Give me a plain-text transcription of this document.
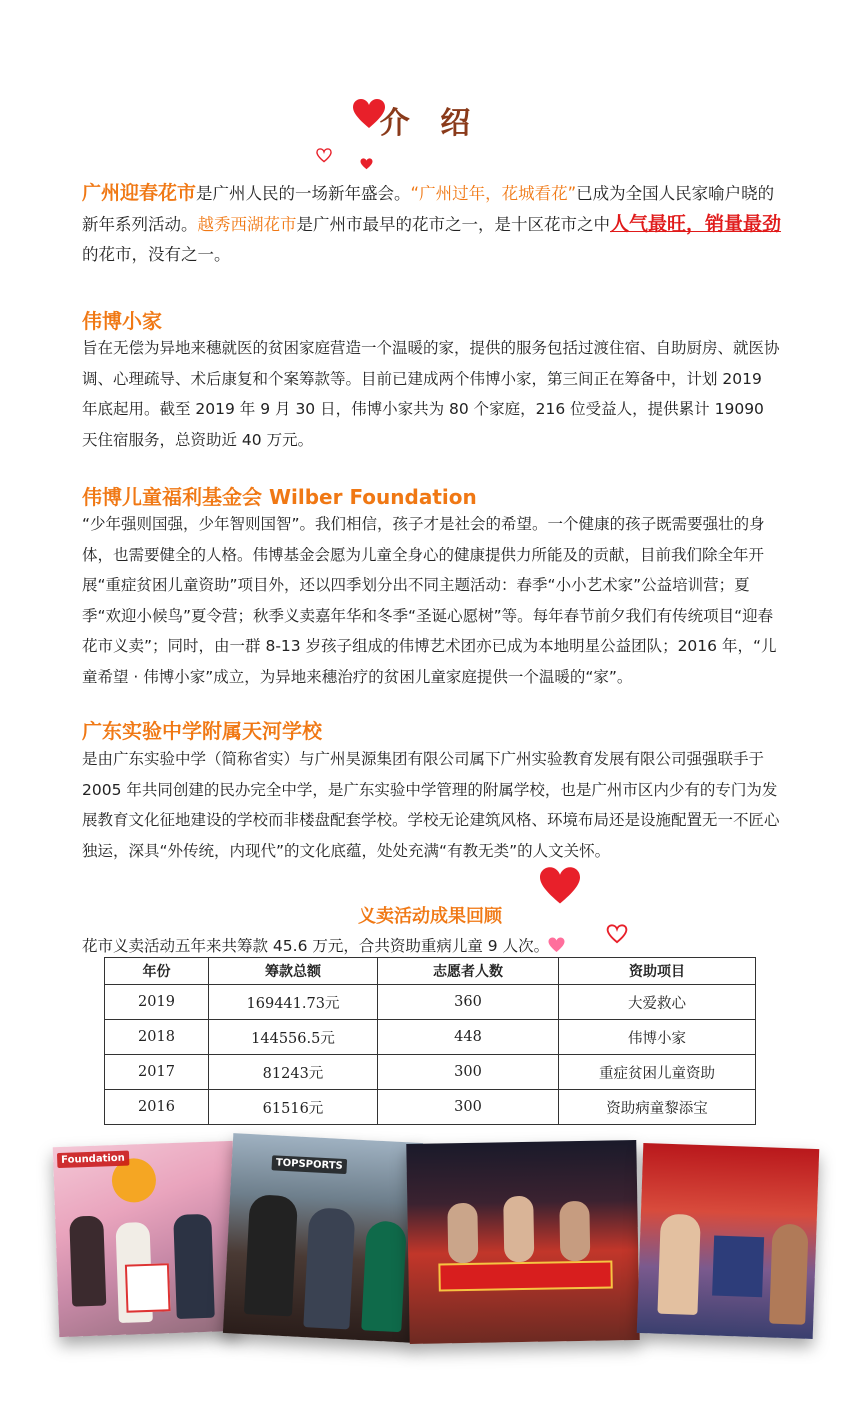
介 绍
广州迎春花市是广州人民的一场新年盛会。“广州过年，花城看花”已成为全国人民家喻户晓的新年系列活动。越秀西湖花市是广州市最早的花市之一，是十区花市之中人气最旺，销量最劲的花市，没有之一。
伟博小家
旨在无偿为异地来穗就医的贫困家庭营造一个温暖的家，提供的服务包括过渡住宿、自助厨房、就医协调、心理疏导、术后康复和个案筹款等。目前已建成两个伟博小家，第三间正在筹备中，计划 2019 年底起用。截至 2019 年 9 月 30 日，伟博小家共为 80 个家庭，216 位受益人，提供累计 19090 天住宿服务，总资助近 40 万元。
伟博儿童福利基金会 Wilber Foundation
“少年强则国强，少年智则国智”。我们相信，孩子才是社会的希望。一个健康的孩子既需要强壮的身体，也需要健全的人格。伟博基金会愿为儿童全身心的健康提供力所能及的贡献，目前我们除全年开展“重症贫困儿童资助”项目外，还以四季划分出不同主题活动：春季“小小艺术家”公益培训营；夏季“欢迎小候鸟”夏令营；秋季义卖嘉年华和冬季“圣诞心愿树”等。每年春节前夕我们有传统项目“迎春花市义卖”；同时，由一群 8-13 岁孩子组成的伟博艺术团亦已成为本地明星公益团队；2016 年，“儿童希望 · 伟博小家”成立，为异地来穗治疗的贫困儿童家庭提供一个温暖的“家”。
广东实验中学附属天河学校
是由广东实验中学（简称省实）与广州昊源集团有限公司属下广州实验教育发展有限公司强强联手于 2005 年共同创建的民办完全中学，是广东实验中学管理的附属学校，也是广州市区内少有的专门为发展教育文化征地建设的学校而非楼盘配套学校。学校无论建筑风格、环境布局还是设施配置无一不匠心独运，深具“外传统，内现代”的文化底蕴，处处充满“有教无类”的人文关怀。
义卖活动成果回顾
花市义卖活动五年来共筹款 45.6 万元，合共资助重病儿童 9 人次。
年份	筹款总额	志愿者人数	资助项目
2019	169441.73元	360	大爱救心
2018	144556.5元	448	伟博小家
2017	81243元	300	重症贫困儿童资助
2016	61516元	300	资助病童黎添宝
Foundation	TOPSPORTS
